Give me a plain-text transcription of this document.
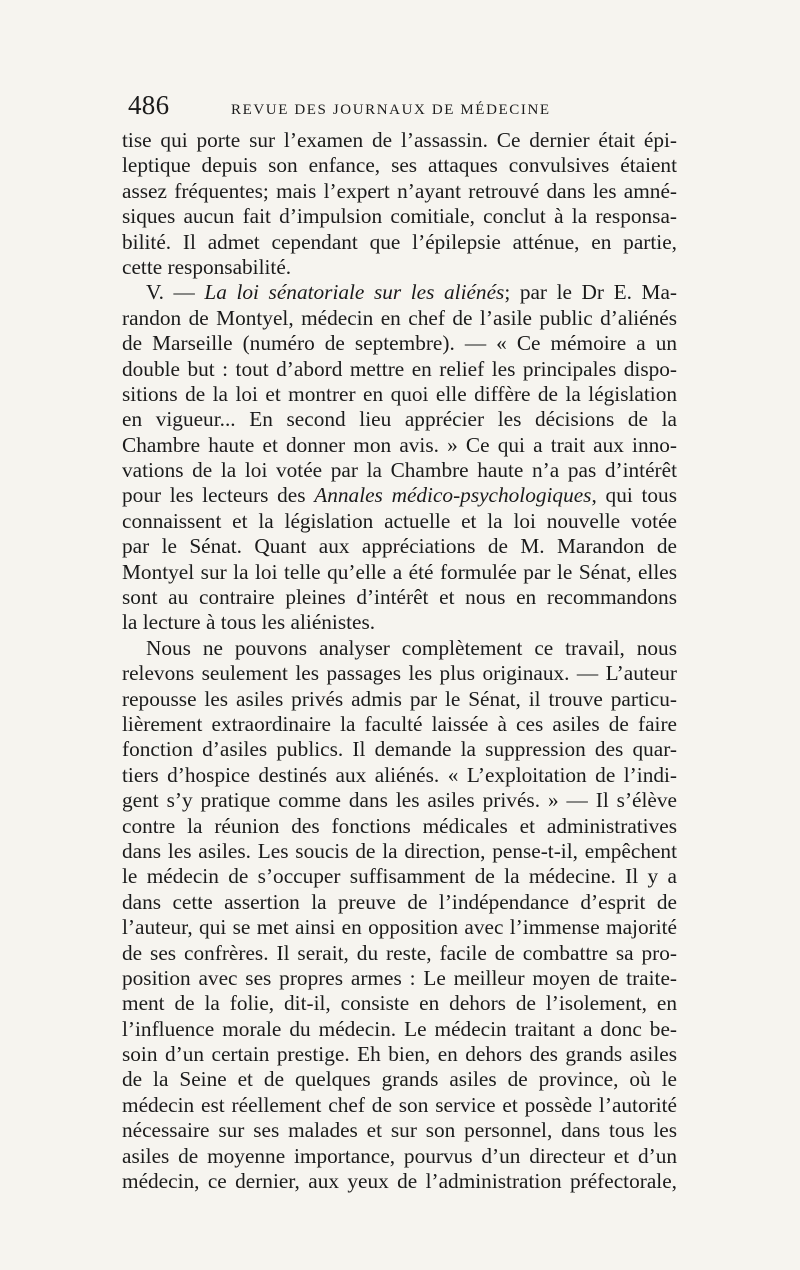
486	REVUE DES JOURNAUX DE MÉDECINE
tise qui porte sur l’examen de l’assassin. Ce dernier était épi-
leptique depuis son enfance, ses attaques convulsives étaient
assez fréquentes; mais l’expert n’ayant retrouvé dans les amné-
siques aucun fait d’impulsion comitiale, conclut à la responsa-
bilité. Il admet cependant que l’épilepsie atténue, en partie,
cette responsabilité.
V. — La loi sénatoriale sur les aliénés; par le Dr E. Ma-
randon de Montyel, médecin en chef de l’asile public d’aliénés
de Marseille (numéro de septembre). — « Ce mémoire a un
double but : tout d’abord mettre en relief les principales dispo-
sitions de la loi et montrer en quoi elle diffère de la législation
en vigueur... En second lieu apprécier les décisions de la
Chambre haute et donner mon avis. » Ce qui a trait aux inno-
vations de la loi votée par la Chambre haute n’a pas d’intérêt
pour les lecteurs des Annales médico-psychologiques, qui tous
connaissent et la législation actuelle et la loi nouvelle votée
par le Sénat. Quant aux appréciations de M. Marandon de
Montyel sur la loi telle qu’elle a été formulée par le Sénat, elles
sont au contraire pleines d’intérêt et nous en recommandons
la lecture à tous les aliénistes.
Nous ne pouvons analyser complètement ce travail, nous
relevons seulement les passages les plus originaux. — L’auteur
repousse les asiles privés admis par le Sénat, il trouve particu-
lièrement extraordinaire la faculté laissée à ces asiles de faire
fonction d’asiles publics. Il demande la suppression des quar-
tiers d’hospice destinés aux aliénés. « L’exploitation de l’indi-
gent s’y pratique comme dans les asiles privés. » — Il s’élève
contre la réunion des fonctions médicales et administratives
dans les asiles. Les soucis de la direction, pense-t-il, empêchent
le médecin de s’occuper suffisamment de la médecine. Il y a
dans cette assertion la preuve de l’indépendance d’esprit de
l’auteur, qui se met ainsi en opposition avec l’immense majorité
de ses confrères. Il serait, du reste, facile de combattre sa pro-
position avec ses propres armes : Le meilleur moyen de traite-
ment de la folie, dit-il, consiste en dehors de l’isolement, en
l’influence morale du médecin. Le médecin traitant a donc be-
soin d’un certain prestige. Eh bien, en dehors des grands asiles
de la Seine et de quelques grands asiles de province, où le
médecin est réellement chef de son service et possède l’autorité
nécessaire sur ses malades et sur son personnel, dans tous les
asiles de moyenne importance, pourvus d’un directeur et d’un
médecin, ce dernier, aux yeux de l’administration préfectorale,
